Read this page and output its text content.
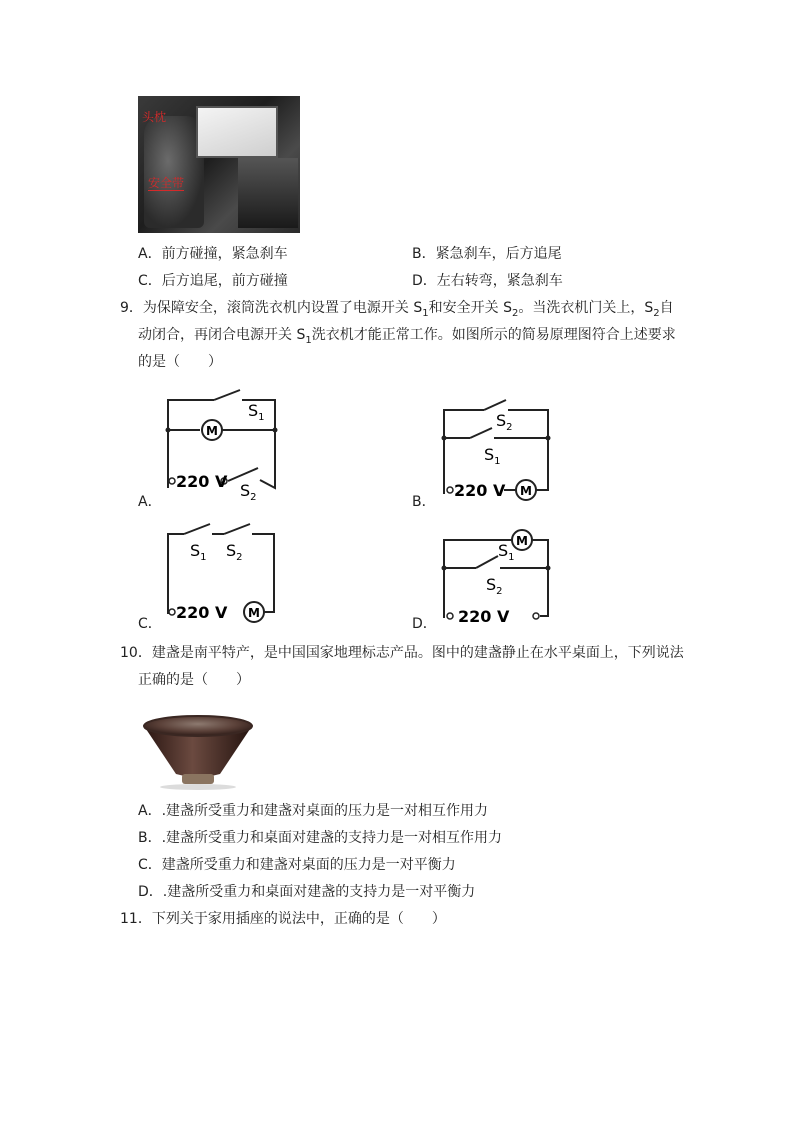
头枕
安全带
A．前方碰撞，紧急刹车	B．紧急刹车，后方追尾
C．后方追尾，前方碰撞	D．左右转弯，紧急刹车
9．为保障安全，滚筒洗衣机内设置了电源开关 $S_1$和安全开关 $S_2$。当洗衣机门关上，$S_2$自
动闭合，再闭合电源开关 $S_1$洗衣机才能正常工作。如图所示的简易原理图符合上述要求
的是（　　）
M
$S_1$
220 V $S_2$
A．
M
$S_2$
$S_1$
220 V
B．
M
$S_1$ $S_2$
220 V
C．
M
$S_1$
$S_2$
220 V
D．
10．建盏是南平特产，是中国国家地理标志产品。图中的建盏静止在水平桌面上，下列说法
正确的是（　　）
A．.建盏所受重力和建盏对桌面的压力是一对相互作用力
B．.建盏所受重力和桌面对建盏的支持力是一对相互作用力
C．建盏所受重力和建盏对桌面的压力是一对平衡力
D．.建盏所受重力和桌面对建盏的支持力是一对平衡力
11．下列关于家用插座的说法中，正确的是（　　）
